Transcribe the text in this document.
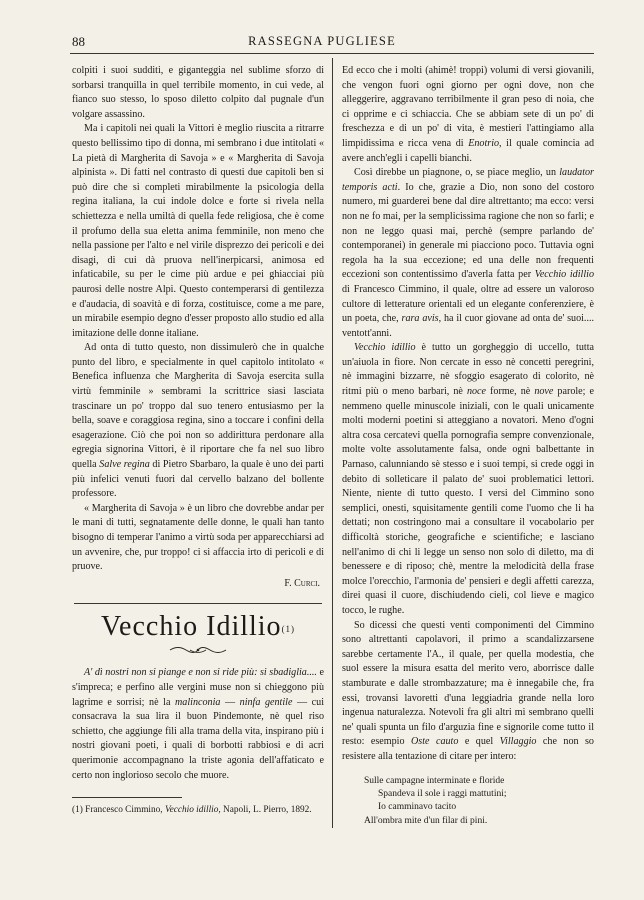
88	RASSEGNA PUGLIESE

colpiti i suoi sudditi, e giganteggia nel sublime sforzo di sorbarsi tranquilla in quel terribile momento, in cui vede, al fianco suo stesso, lo sposo diletto colpito dal pugnale d'un volgare assassino.

Ma i capitoli nei quali la Vittori è meglio riuscita a ritrarre questo bellissimo tipo di donna, mi sembrano i due intitolati « La pietà di Margherita di Savoja » e « Margherita di Savoja alpinista ». Di fatti nel contrasto di questi due capitoli ben si può dire che si completi mirabilmente la psicologia della regina italiana, la cui indole dolce e forte si rivela nella schiettezza e nella umiltà di quella fede religiosa, che è come il profumo della sua eletta anima femminile, non meno che nella passione per l'alto e nel virile disprezzo dei pericoli e dei disagi, di cui dà pruova nell'inerpicarsi, animosa ed infaticabile, su per le cime più ardue e pei ghiacciai più paurosi delle nostre Alpi. Questo contemperarsi di gentilezza e d'audacia, di soavità e di forza, costituisce, come a me pare, un mirabile esempio degno d'esser proposto allo studio ed alla imitazione delle donne italiane.

Ad onta di tutto questo, non dissimulerò che in qualche punto del libro, e specialmente in quel capitolo intitolato « Benefica influenza che Margherita di Savoja esercita sulla virtù femminile » sembrami la scrittrice siasi lasciata trascinare un po' troppo dal suo tenero entusiasmo per la bella, soave e coraggiosa regina, sino a toccare i confini della esagerazione. Ciò che poi non so addirittura perdonare alla egregia signorina Vittori, è il riportare che fa nel suo libro quella Salve regina di Pietro Sbarbaro, la quale è uno dei parti più infelici venuti fuori dal cervello balzano del bollente professore.

« Margherita di Savoja » è un libro che dovrebbe andar per le mani di tutti, segnatamente delle donne, le quali han tanto bisogno di temperar l'animo a virtù soda per apparecchiarsi ad un avvenire, che, pur troppo! ci si affaccia irto di pericoli e di pruove.

F. Curci.

Vecchio Idillio$^{(1)}$

A' dì nostri non si piange e non si ride più: si sbadiglia.... e s'impreca; e perfino alle vergini muse non si chieggono più lagrime e sorrisi; nè la malinconia — ninfa gentile — cui consacrava la sua lira il buon Pindemonte, nè quel riso schietto, che aggiunge fili alla trama della vita, inspirano più i nostri giovani poeti, i quali di borbotti rabbiosi e di acri querimonie accompagnano la triste agonia dell'affaticato e certo non inglorioso secolo che muore.

(1) Francesco Cimmino, Vecchio idillio, Napoli, L. Pierro, 1892.

Ed ecco che i molti (ahimè! troppi) volumi di versi giovanili, che vengon fuori ogni giorno per ogni dove, non che alleggerire, aggravano terribilmente il gran peso di noia, che ci opprime e ci schiaccia. Che se abbiam sete di un po' di freschezza e di un po' di vita, è mestieri l'attingiamo alla limpidissima e ricca vena di Enotrio, il quale comincia ad avere anch'egli i capelli bianchi.

Così direbbe un piagnone, o, se piace meglio, un laudator temporis acti. Io che, grazie a Dio, non sono del costoro numero, mi guarderei bene dal dire altrettanto; ma ecco: versi non ne fo mai, per la semplicissima ragione che non so farli; e non ne leggo quasi mai, perchè (sempre parlando de' contemporanei) in generale mi piacciono poco. Tuttavia ogni regola ha la sua eccezione; ed una delle non frequenti eccezioni son contentissimo d'averla fatta per Vecchio idillio di Francesco Cimmino, il quale, oltre ad essere un valoroso cultore di letterature orientali ed un elegante conferenziere, è un poeta, che, rara avis, ha il cuor giovane ad onta de' suoi.... ventott'anni.

Vecchio idillio è tutto un gorgheggio di uccello, tutta un'aiuola in fiore. Non cercate in esso nè concetti peregrini, nè immagini bizzarre, nè sfoggio esagerato di colorito, nè ritmi più o meno barbari, nè noce forme, nè nove parole; e nemmeno quelle minuscole iniziali, con le quali unicamente molti moderni poetini si atteggiano a novatori. Meno d'ogni altra cosa cercatevi quella pornografia sempre convenzionale, molte volte assolutamente falsa, onde ogni balbettante in Parnaso, calunniando sè stesso e i suoi tempi, si crede oggi in debito di solleticare il palato de' suoi problematici lettori. Niente, niente di tutto questo. I versi del Cimmino sono semplici, onesti, squisitamente gentili come l'uomo che li ha dettati; non costringono mai a consultare il vocabolario per difficoltà storiche, geografiche e scientifiche; e lasciano nell'animo di chi li legge un senso non solo di diletto, ma di benessere e di riposo; chè, mentre la melodicità della frase molce l'orecchio, l'armonia de' pensieri e degli affetti carezza, direi quasi il cuore, dischiudendo cieli, col lieve e magico tocco, le rughe.

So dicessi che questi venti componimenti del Cimmino sono altrettanti capolavori, il primo a scandalizzarsene sarebbe certamente l'A., il quale, per quella modestia, che suol essere la misura esatta del merito vero, aborrisce dalle stamburate e dalle strombazzature; ma è innegabile che, fra essi, trovansi lavoretti d'una leggiadria grande nella loro ingenua naturalezza. Notevoli fra gli altri mi sembrano quelli ne' quali spunta un filo d'arguzia fine e signorile come tutto il resto: esempio Oste cauto e quel Villaggio che non so resistere alla tentazione di citare per intero:

Sulle campagne interminate e floride
Spandeva il sole i raggi mattutini;
Io camminavo tacito
All'ombra mite d'un filar di pini.
